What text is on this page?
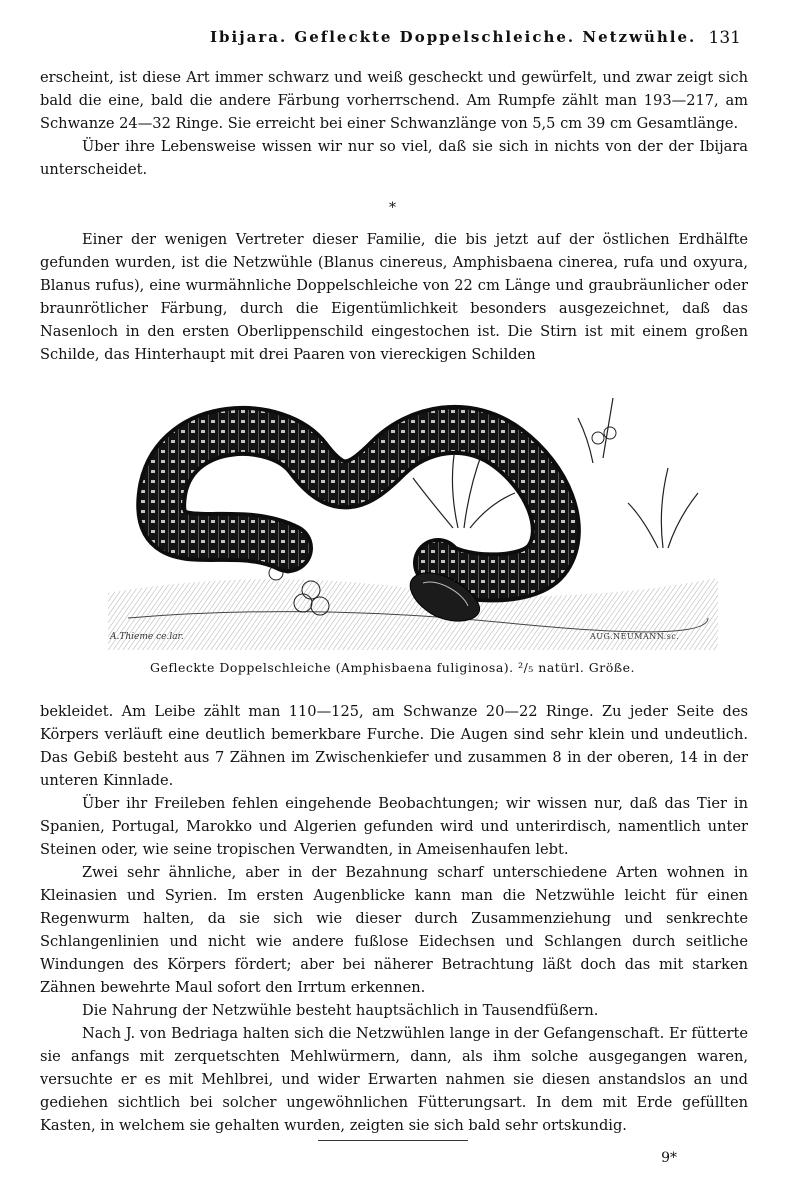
Ibijara. Gefleckte Doppelschleiche. Netzwühle. 131

erscheint, ist diese Art immer schwarz und weiß gescheckt und gewürfelt, und zwar zeigt sich bald die eine, bald die andere Färbung vorherrschend. Am Rumpfe zählt man 193—217, am Schwanze 24—32 Ringe. Sie erreicht bei einer Schwanzlänge von 5,5 cm 39 cm Gesamtlänge.

Über ihre Lebensweise wissen wir nur so viel, daß sie sich in nichts von der der Ibijara unterscheidet.

*

Einer der wenigen Vertreter dieser Familie, die bis jetzt auf der östlichen Erdhälfte gefunden wurden, ist die Netzwühle (Blanus cinereus, Amphisbaena cinerea, rufa und oxyura, Blanus rufus), eine wurmähnliche Doppelschleiche von 22 cm Länge und graubräunlicher oder braunrötlicher Färbung, durch die Eigentümlichkeit besonders ausgezeichnet, daß das Nasenloch in den ersten Oberlippenschild eingestochen ist. Die Stirn ist mit einem großen Schilde, das Hinterhaupt mit drei Paaren von viereckigen Schilden

A.Thieme ce.lar.	AUG.NEUMANN.sc.
Gefleckte Doppelschleiche (Amphisbaena fuliginosa). ²/₅ natürl. Größe.

bekleidet. Am Leibe zählt man 110—125, am Schwanze 20—22 Ringe. Zu jeder Seite des Körpers verläuft eine deutlich bemerkbare Furche. Die Augen sind sehr klein und undeutlich. Das Gebiß besteht aus 7 Zähnen im Zwischenkiefer und zusammen 8 in der oberen, 14 in der unteren Kinnlade.

Über ihr Freileben fehlen eingehende Beobachtungen; wir wissen nur, daß das Tier in Spanien, Portugal, Marokko und Algerien gefunden wird und unterirdisch, namentlich unter Steinen oder, wie seine tropischen Verwandten, in Ameisenhaufen lebt.

Zwei sehr ähnliche, aber in der Bezahnung scharf unterschiedene Arten wohnen in Kleinasien und Syrien. Im ersten Augenblicke kann man die Netzwühle leicht für einen Regenwurm halten, da sie sich wie dieser durch Zusammenziehung und senkrechte Schlangenlinien und nicht wie andere fußlose Eidechsen und Schlangen durch seitliche Windungen des Körpers fördert; aber bei näherer Betrachtung läßt doch das mit starken Zähnen bewehrte Maul sofort den Irrtum erkennen.

Die Nahrung der Netzwühle besteht hauptsächlich in Tausendfüßern.

Nach J. von Bedriaga halten sich die Netzwühlen lange in der Gefangenschaft. Er fütterte sie anfangs mit zerquetschten Mehlwürmern, dann, als ihm solche ausgegangen waren, versuchte er es mit Mehlbrei, und wider Erwarten nahmen sie diesen anstandslos an und gediehen sichtlich bei solcher ungewöhnlichen Fütterungsart. In dem mit Erde gefüllten Kasten, in welchem sie gehalten wurden, zeigten sie sich bald sehr ortskundig.

9*
